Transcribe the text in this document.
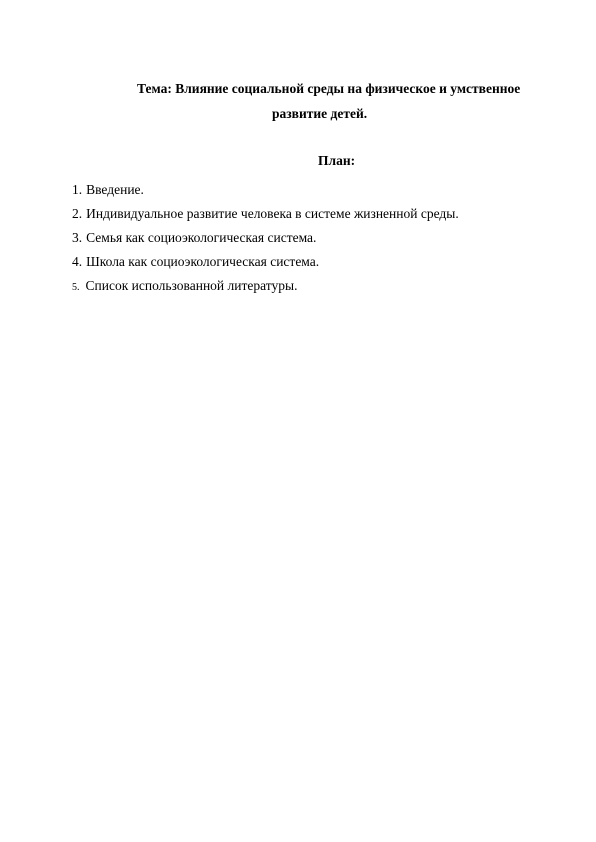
Тема: Влияние социальной среды на физическое и умственное
развитие детей.
План:
1. Введение.
2. Индивидуальное развитие человека в системе жизненной среды.
3. Семья как социоэкологическая система.
4. Школа как социоэкологическая система.
5. Список использованной литературы.
